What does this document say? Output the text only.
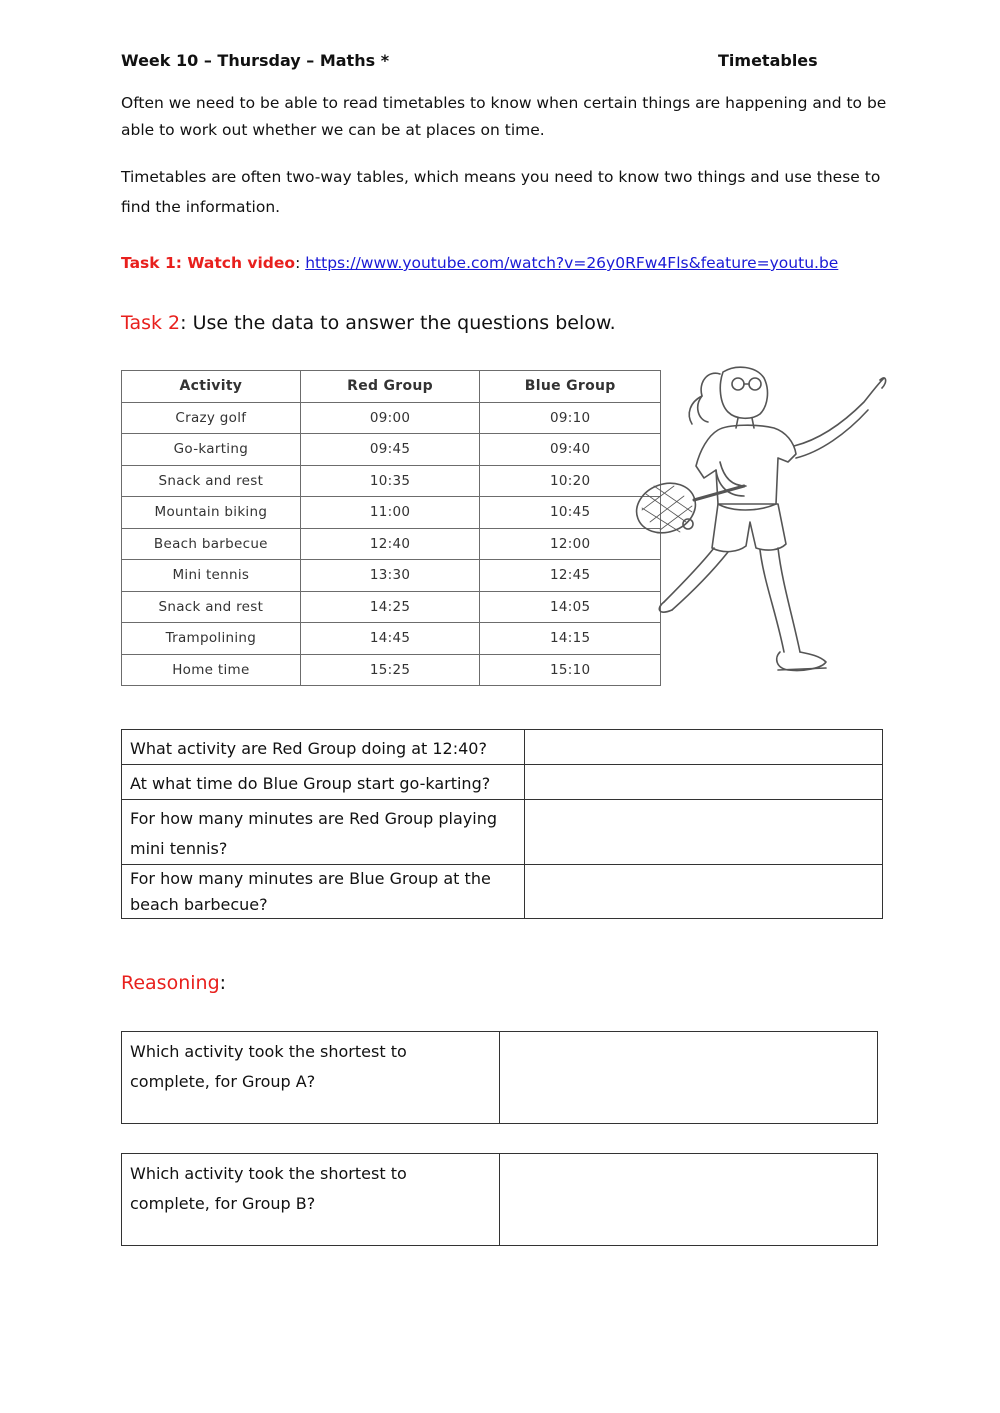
Week 10 – Thursday – Maths *	Timetables
Often we need to be able to read timetables to know when certain things are happening and to be able to work out whether we can be at places on time.
Timetables are often two-way tables, which means you need to know two things and use these to find the information.
Task 1: Watch video: https://www.youtube.com/watch?v=26y0RFw4Fls&feature=youtu.be
Task 2: Use the data to answer the questions below.
Activity	Red Group	Blue Group
Crazy golf	09:00	09:10
Go-karting	09:45	09:40
Snack and rest	10:35	10:20
Mountain biking	11:00	10:45
Beach barbecue	12:40	12:00
Mini tennis	13:30	12:45
Snack and rest	14:25	14:05
Trampolining	14:45	14:15
Home time	15:25	15:10
What activity are Red Group doing at 12:40?	
At what time do Blue Group start go-karting?	
For how many minutes are Red Group playing mini tennis?	
For how many minutes are Blue Group at the beach barbecue?	
Reasoning:
Which activity took the shortest to complete, for Group A?	
Which activity took the shortest to complete, for Group B?	
